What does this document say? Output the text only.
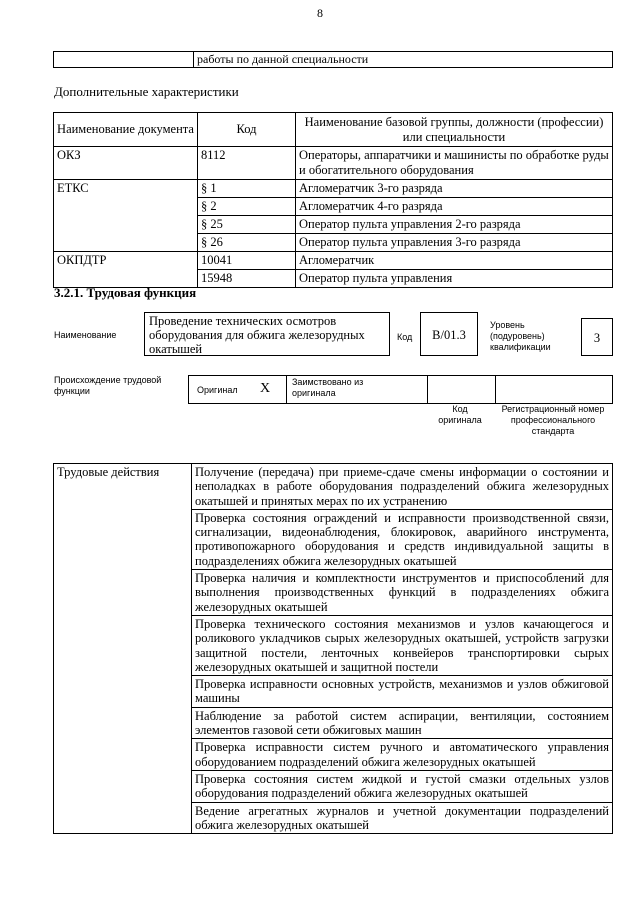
8
	работы по данной специальности
Дополнительные характеристики
Наименование документа	Код	Наименование базовой группы, должности (профессии) или специальности
ОКЗ	8112	Операторы, аппаратчики и машинисты по обработке руды и обогатительного оборудования
ЕТКС	§ 1	Агломератчик 3-го разряда
	§ 2	Агломератчик 4-го разряда
	§ 25	Оператор пульта управления 2-го разряда
	§ 26	Оператор пульта управления 3-го разряда
ОКПДТР	10041	Агломератчик
	15948	Оператор пульта управления
3.2.1. Трудовая функция
Наименование
Проведение технических осмотров оборудования для обжига железорудных окатышей
Код	В/01.3
Уровень (подуровень) квалификации
3
Происхождение трудовой функции	Оригинал X Заимствовано из оригинала
Код оригинала
Регистрационный номер профессионального стандарта
Трудовые действия	Получение (передача) при приеме-сдаче смены информации о состоянии и неполадках в работе оборудования подразделений обжига железорудных окатышей и принятых мерах по их устранению
Проверка состояния ограждений и исправности производственной связи, сигнализации, видеонаблюдения, блокировок, аварийного инструмента, противопожарного оборудования и средств индивидуальной защиты в подразделениях обжига железорудных окатышей
Проверка наличия и комплектности инструментов и приспособлений для выполнения производственных функций в подразделениях обжига железорудных окатышей
Проверка технического состояния механизмов и узлов качающегося и роликового укладчиков сырых железорудных окатышей, устройств загрузки защитной постели, ленточных конвейеров транспортировки сырых железорудных окатышей и защитной постели
Проверка исправности основных устройств, механизмов и узлов обжиговой машины
Наблюдение за работой систем аспирации, вентиляции, состоянием элементов газовой сети обжиговых машин
Проверка исправности систем ручного и автоматического управления оборудованием подразделений обжига железорудных окатышей
Проверка состояния систем жидкой и густой смазки отдельных узлов оборудования подразделений обжига железорудных окатышей
Ведение агрегатных журналов и учетной документации подразделений обжига железорудных окатышей
